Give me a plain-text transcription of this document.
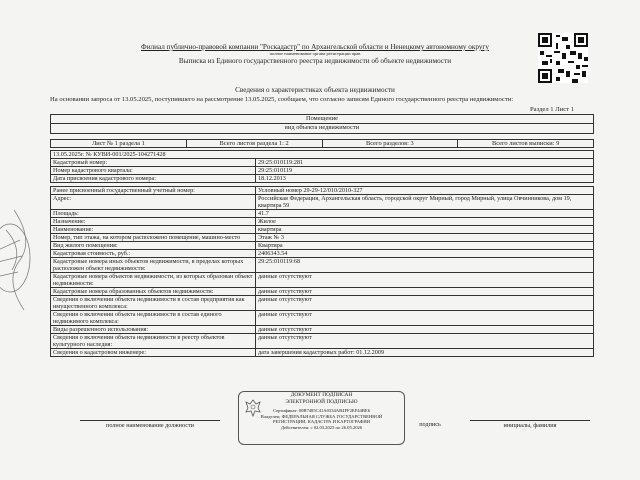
Филиал публично-правовой компании "Роскадастр" по Архангельской области и Ненецкому автономному округу
полное наименование органа регистрации прав
Выписка из Единого государственного реестра недвижимости об объекте недвижимости
Сведения о характеристиках объекта недвижимости
На основании запроса от 13.05.2025, поступившего на рассмотрение 13.05.2025, сообщаем, что согласно записям Единого государственного реестра недвижимости:
Раздел 1 Лист 1
Помещение
вид объекта недвижимости
Лист № 1 раздела 1	Всего листов раздела 1: 2	Всего разделов: 3	Всего листов выписки: 9
13.05.2025г. № КУВИ-001/2025-104271428	
Кадастровый номер:	29:25:010119:281
Номер кадастрового квартала:	29:25:010119
Дата присвоения кадастрового номера:	18.12.2013

Ранее присвоенный государственный учетный номер:	Условный номер 29-29-12/010/2010-327
Адрес:	Российская Федерация, Архангельская область, городской округ Мирный, город Мирный, улица Овчинникова, дом 19, квартира 59
Площадь:	41.7
Назначение:	Жилое
Наименование:	квартира
Номер, тип этажа, на котором расположено помещение, машино-место	Этаж № 3
Вид жилого помещения:	Квартира
Кадастровая стоимость, руб.:	2406343.54
Кадастровые номера иных объектов недвижимости, в пределах которых расположен объект недвижимости:	29:25:010119:68
Кадастровые номера объектов недвижимости, из которых образован объект недвижимости:	данные отсутствуют
Кадастровые номера образованных объектов недвижимости:	данные отсутствуют
Сведения о включении объекта недвижимости в состав предприятия как имущественного комплекса:	данные отсутствуют
Сведения о включении объекта недвижимости в состав единого недвижимого комплекса:	данные отсутствуют
Виды разрешенного использования:	данные отсутствуют
Сведения о включении объекта недвижимости в реестр объектов культурного наследия:	данные отсутствуют
Сведения о кадастровом инженере:	дата завершения кадастровых работ: 01.12.2009
ДОКУМЕНТ ПОДПИСАН
ЭЛЕКТРОННОЙ ПОДПИСЬЮ
Сертификат: 00B7485C41A0334AB4FF2EF44BE6
Владелец: ФЕДЕРАЛЬНАЯ СЛУЖБА ГОСУДАРСТВЕННОЙ
РЕГИСТРАЦИИ, КАДАСТРА И КАРТОГРАФИИ
Действителен: с 02.03.2025 по 26.05.2026
полное наименование должности	подпись	инициалы, фамилия
